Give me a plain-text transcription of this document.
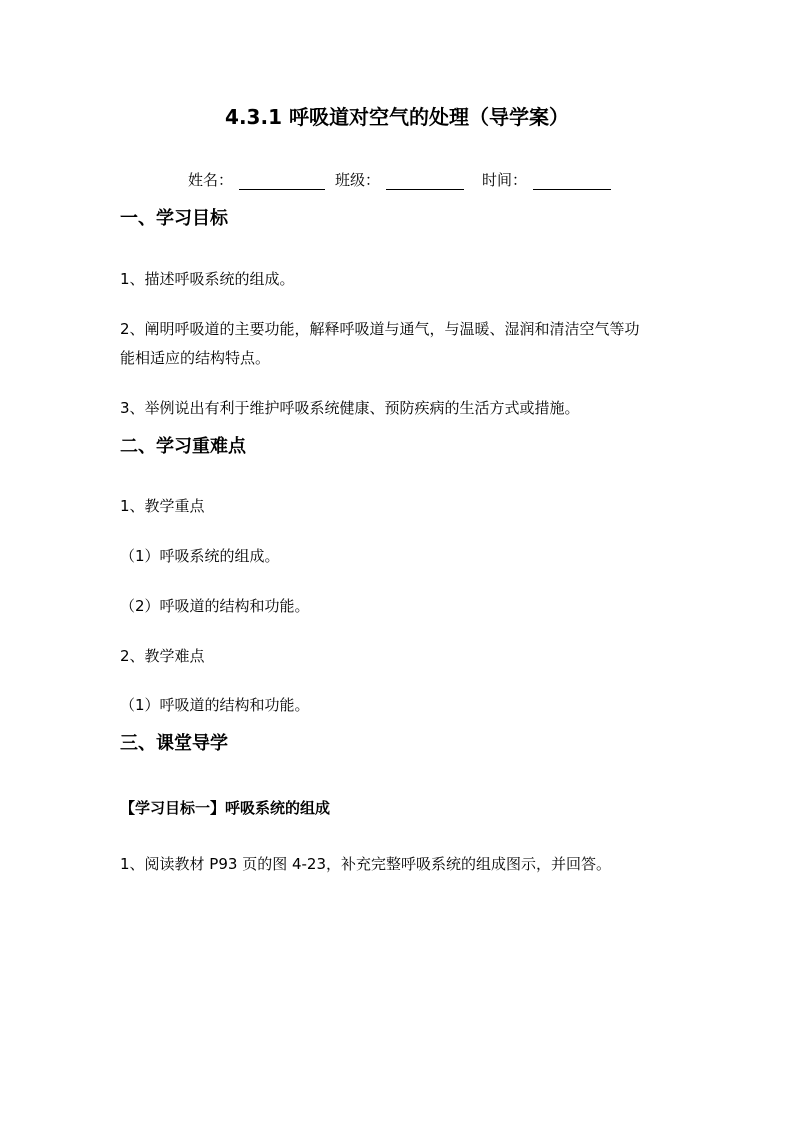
4.3.1 呼吸道对空气的处理（导学案）
姓名：	班级：	时间：
一、学习目标
1、描述呼吸系统的组成。
2、阐明呼吸道的主要功能，解释呼吸道与通气，与温暖、湿润和清洁空气等功
能相适应的结构特点。
3、举例说出有利于维护呼吸系统健康、预防疾病的生活方式或措施。
二、学习重难点
1、教学重点
（1）呼吸系统的组成。
（2）呼吸道的结构和功能。
2、教学难点
（1）呼吸道的结构和功能。
三、课堂导学
【学习目标一】呼吸系统的组成
1、阅读教材 P93 页的图 4-23，补充完整呼吸系统的组成图示，并回答。
